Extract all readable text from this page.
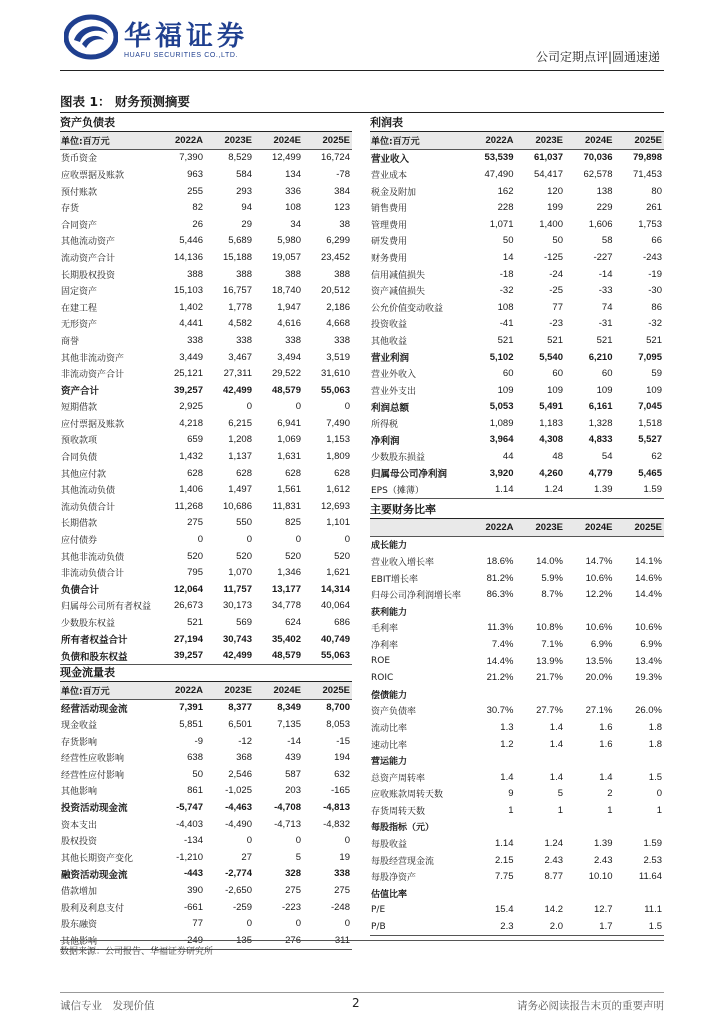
华福证券
HUAFU SECURITIES CO.,LTD.	公司定期点评|圆通速递
图表 1： 财务预测摘要
资产负债表
单位:百万元	2022A	2023E	2024E	2025E
货币资金	7,390	8,529	12,499	16,724
应收票据及账款	963	584	134	-78
预付账款	255	293	336	384
存货	82	94	108	123
合同资产	26	29	34	38
其他流动资产	5,446	5,689	5,980	6,299
流动资产合计	14,136	15,188	19,057	23,452
长期股权投资	388	388	388	388
固定资产	15,103	16,757	18,740	20,512
在建工程	1,402	1,778	1,947	2,186
无形资产	4,441	4,582	4,616	4,668
商誉	338	338	338	338
其他非流动资产	3,449	3,467	3,494	3,519
非流动资产合计	25,121	27,311	29,522	31,610
资产合计	39,257	42,499	48,579	55,063
短期借款	2,925	0	0	0
应付票据及账款	4,218	6,215	6,941	7,490
预收款项	659	1,208	1,069	1,153
合同负债	1,432	1,137	1,631	1,809
其他应付款	628	628	628	628
其他流动负债	1,406	1,497	1,561	1,612
流动负债合计	11,268	10,686	11,831	12,693
长期借款	275	550	825	1,101
应付债券	0	0	0	0
其他非流动负债	520	520	520	520
非流动负债合计	795	1,070	1,346	1,621
负债合计	12,064	11,757	13,177	14,314
归属母公司所有者权益	26,673	30,173	34,778	40,064
少数股东权益	521	569	624	686
所有者权益合计	27,194	30,743	35,402	40,749
负债和股东权益	39,257	42,499	48,579	55,063
现金流量表
单位:百万元	2022A	2023E	2024E	2025E
经营活动现金流	7,391	8,377	8,349	8,700
现金收益	5,851	6,501	7,135	8,053
存货影响	-9	-12	-14	-15
经营性应收影响	638	368	439	194
经营性应付影响	50	2,546	587	632
其他影响	861	-1,025	203	-165
投资活动现金流	-5,747	-4,463	-4,708	-4,813
资本支出	-4,403	-4,490	-4,713	-4,832
股权投资	-134	0	0	0
其他长期资产变化	-1,210	27	5	19
融资活动现金流	-443	-2,774	328	338
借款增加	390	-2,650	275	275
股利及利息支付	-661	-259	-223	-248
股东融资	77	0	0	0
其他影响	-249	135	276	311
利润表
单位:百万元	2022A	2023E	2024E	2025E
营业收入	53,539	61,037	70,036	79,898
营业成本	47,490	54,417	62,578	71,453
税金及附加	162	120	138	80
销售费用	228	199	229	261
管理费用	1,071	1,400	1,606	1,753
研发费用	50	50	58	66
财务费用	14	-125	-227	-243
信用减值损失	-18	-24	-14	-19
资产减值损失	-32	-25	-33	-30
公允价值变动收益	108	77	74	86
投资收益	-41	-23	-31	-32
其他收益	521	521	521	521
营业利润	5,102	5,540	6,210	7,095
营业外收入	60	60	60	59
营业外支出	109	109	109	109
利润总额	5,053	5,491	6,161	7,045
所得税	1,089	1,183	1,328	1,518
净利润	3,964	4,308	4,833	5,527
少数股东损益	44	48	54	62
归属母公司净利润	3,920	4,260	4,779	5,465
EPS（摊薄）	1.14	1.24	1.39	1.59
主要财务比率
	2022A	2023E	2024E	2025E
成长能力				
营业收入增长率	18.6%	14.0%	14.7%	14.1%
EBIT增长率	81.2%	5.9%	10.6%	14.6%
归母公司净利润增长率	86.3%	8.7%	12.2%	14.4%
获利能力				
毛利率	11.3%	10.8%	10.6%	10.6%
净利率	7.4%	7.1%	6.9%	6.9%
ROE	14.4%	13.9%	13.5%	13.4%
ROIC	21.2%	21.7%	20.0%	19.3%
偿债能力				
资产负债率	30.7%	27.7%	27.1%	26.0%
流动比率	1.3	1.4	1.6	1.8
速动比率	1.2	1.4	1.6	1.8
营运能力				
总资产周转率	1.4	1.4	1.4	1.5
应收账款周转天数	9	5	2	0
存货周转天数	1	1	1	1
每股指标（元）				
每股收益	1.14	1.24	1.39	1.59
每股经营现金流	2.15	2.43	2.43	2.53
每股净资产	7.75	8.77	10.10	11.64
估值比率				
P/E	15.4	14.2	12.7	11.1
P/B	2.3	2.0	1.7	1.5
数据来源：公司报告、华福证券研究所
诚信专业　发现价值	2	请务必阅读报告末页的重要声明
